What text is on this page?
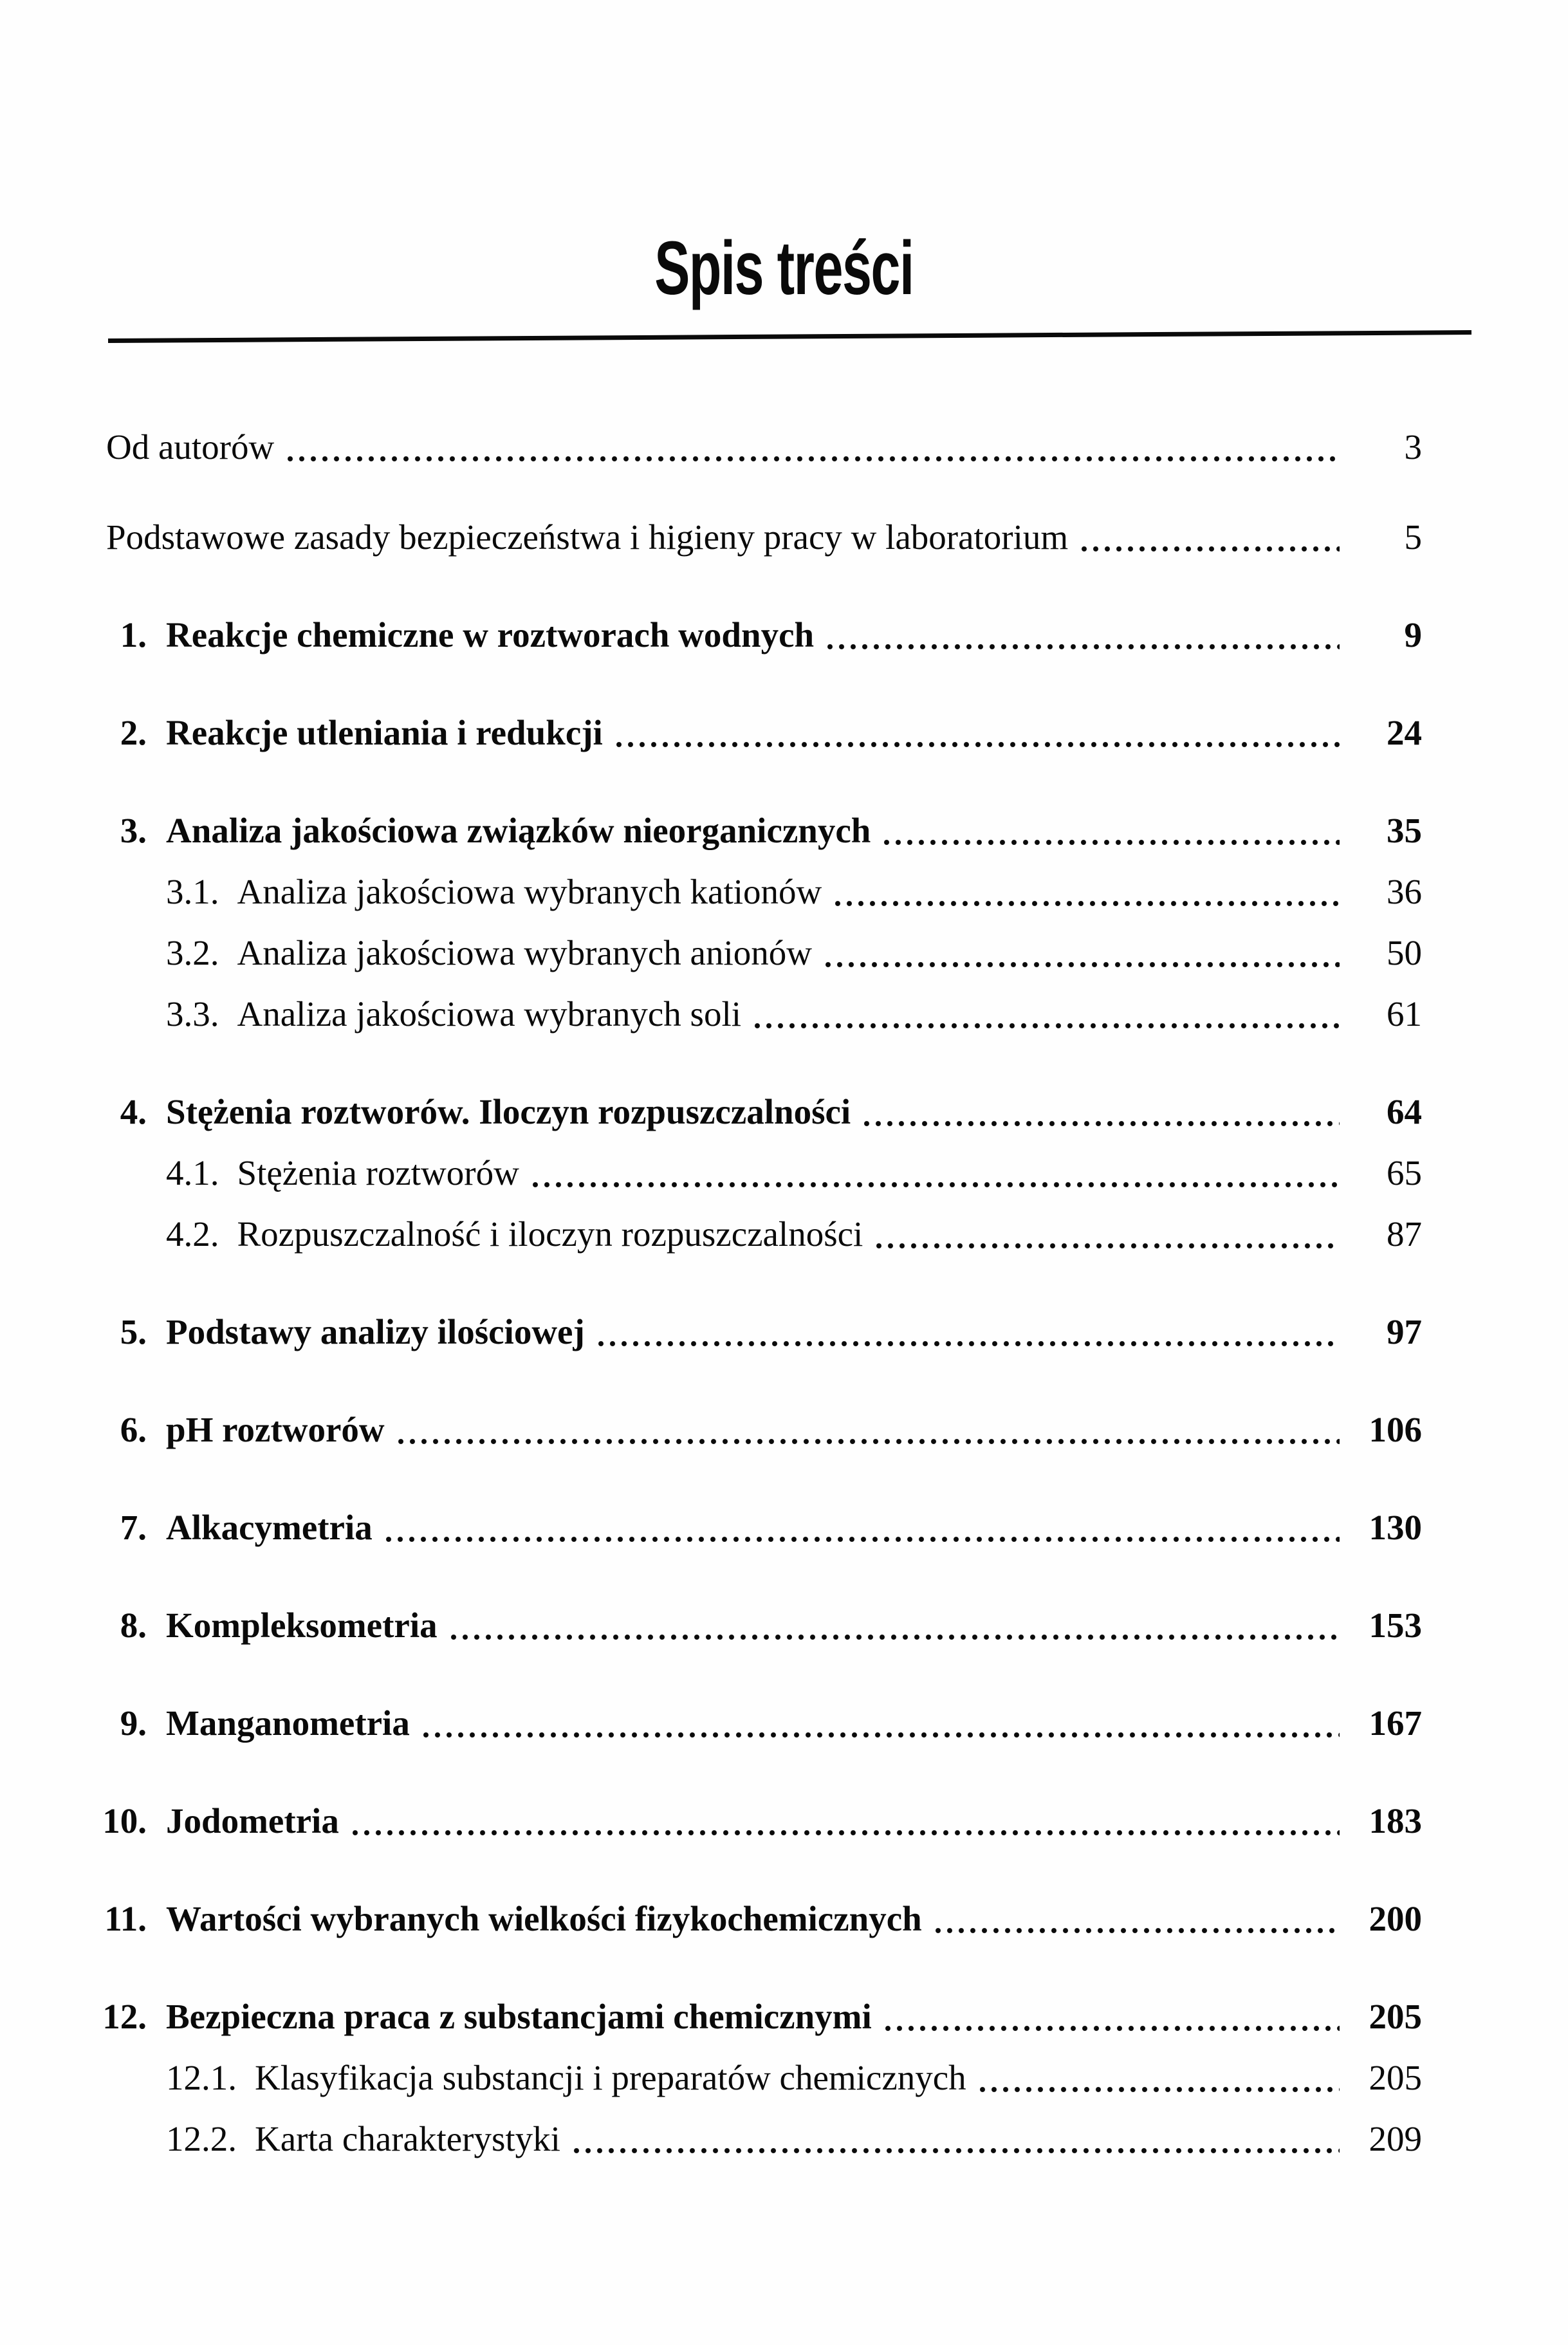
Spis treści
Od autorów	3
Podstawowe zasady bezpieczeństwa i higieny pracy w laboratorium	5
1. Reakcje chemiczne w roztworach wodnych	9
2. Reakcje utleniania i redukcji	24
3. Analiza jakościowa związków nieorganicznych	35
3.1. Analiza jakościowa wybranych kationów	36
3.2. Analiza jakościowa wybranych anionów	50
3.3. Analiza jakościowa wybranych soli	61
4. Stężenia roztworów. Iloczyn rozpuszczalności	64
4.1. Stężenia roztworów	65
4.2. Rozpuszczalność i iloczyn rozpuszczalności	87
5. Podstawy analizy ilościowej	97
6. pH roztworów	106
7. Alkacymetria	130
8. Kompleksometria	153
9. Manganometria	167
10. Jodometria	183
11. Wartości wybranych wielkości fizykochemicznych	200
12. Bezpieczna praca z substancjami chemicznymi	205
12.1. Klasyfikacja substancji i preparatów chemicznych	205
12.2. Karta charakterystyki	209
